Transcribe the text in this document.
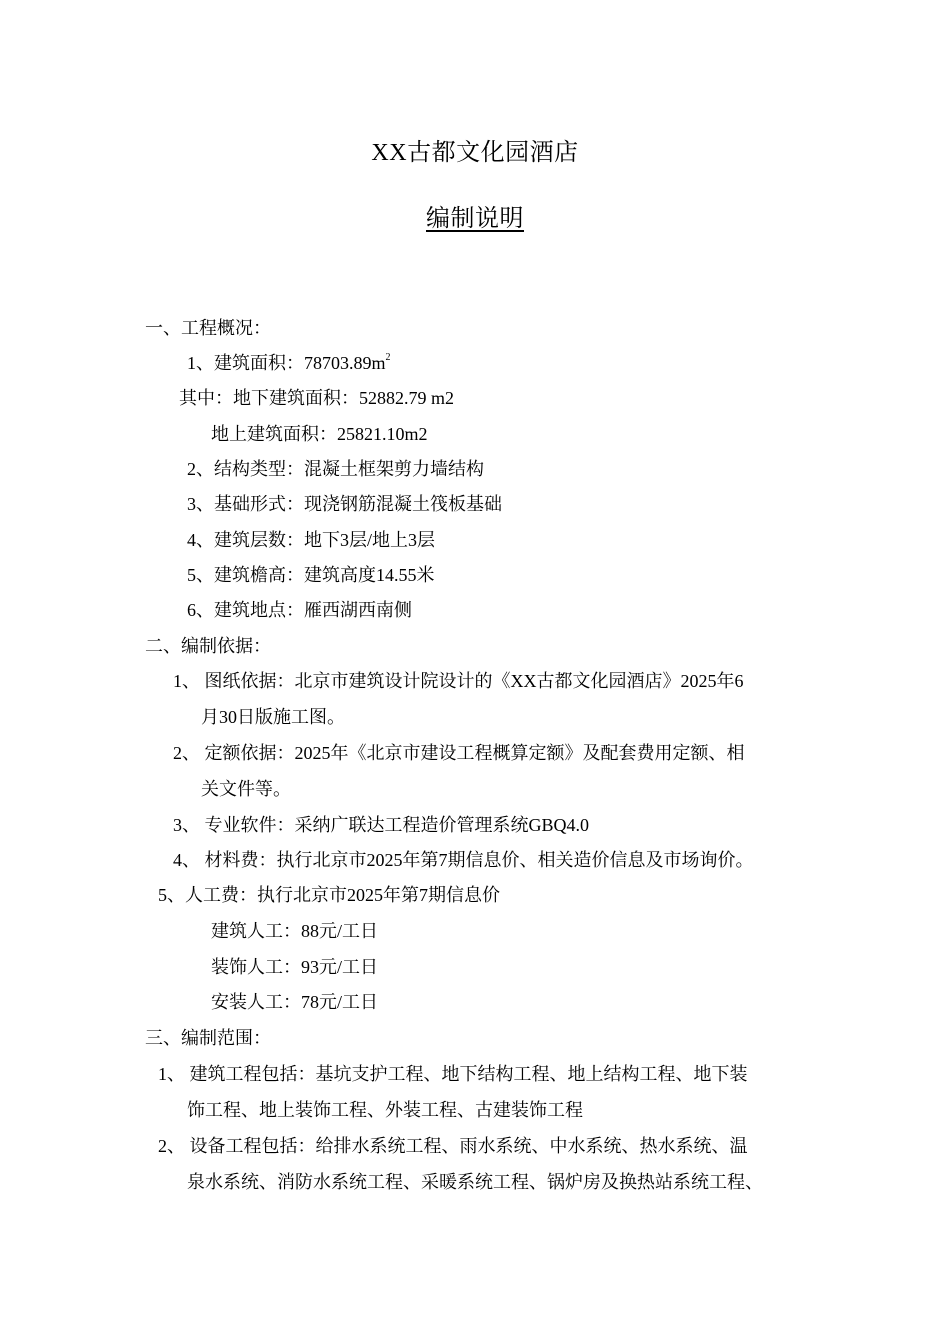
XX古都文化园酒店
编制说明
一、工程概况：
1、建筑面积：$78703.89m^2$
其中：地下建筑面积：52882.79 m2
地上建筑面积：25821.10m2
2、结构类型：混凝土框架剪力墙结构
3、基础形式：现浇钢筋混凝土筏板基础
4、建筑层数：地下3层/地上3层
5、建筑檐高：建筑高度14.55米
6、建筑地点：雁西湖西南侧
二、编制依据：
1、 图纸依据：北京市建筑设计院设计的《XX古都文化园酒店》2025年6
月30日版施工图。
2、 定额依据：2025年《北京市建设工程概算定额》及配套费用定额、相
关文件等。
3、 专业软件：采纳广联达工程造价管理系统GBQ4.0
4、 材料费：执行北京市2025年第7期信息价、相关造价信息及市场询价。
5、人工费：执行北京市2025年第7期信息价
建筑人工：88元/工日
装饰人工：93元/工日
安装人工：78元/工日
三、编制范围：
1、 建筑工程包括：基坑支护工程、地下结构工程、地上结构工程、地下装
饰工程、地上装饰工程、外装工程、古建装饰工程
2、 设备工程包括：给排水系统工程、雨水系统、中水系统、热水系统、温
泉水系统、消防水系统工程、采暖系统工程、锅炉房及换热站系统工程、
